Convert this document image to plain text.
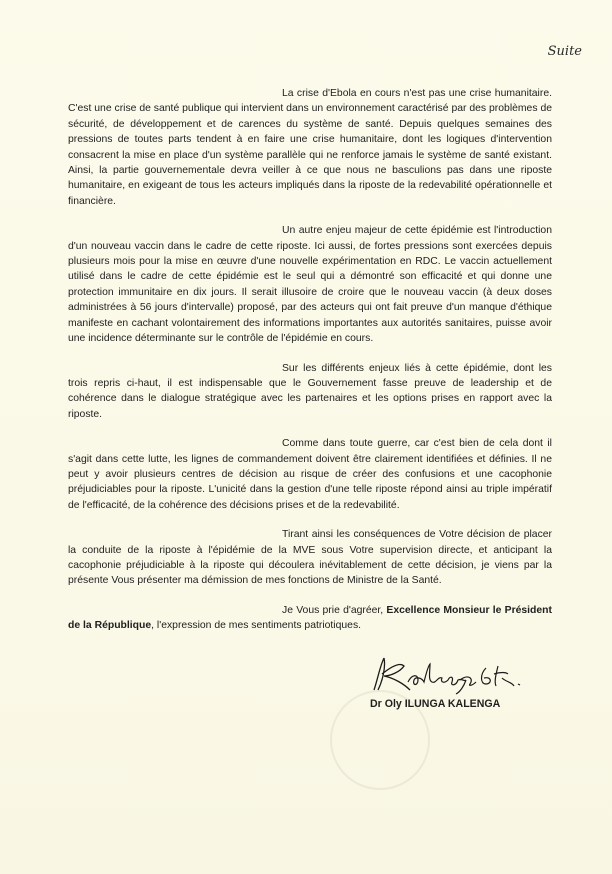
Suite

La crise d'Ebola en cours n'est pas une crise humanitaire. C'est une crise de santé publique qui intervient dans un environnement caractérisé par des problèmes de sécurité, de développement et de carences du système de santé. Depuis quelques semaines des pressions de toutes parts tendent à en faire une crise humanitaire, dont les logiques d'intervention consacrent la mise en place d'un système parallèle qui ne renforce jamais le système de santé existant. Ainsi, la partie gouvernementale devra veiller à ce que nous ne basculions pas dans une riposte humanitaire, en exigeant de tous les acteurs impliqués dans la riposte de la redevabilité opérationnelle et financière.

Un autre enjeu majeur de cette épidémie est l'introduction d'un nouveau vaccin dans le cadre de cette riposte. Ici aussi, de fortes pressions sont exercées depuis plusieurs mois pour la mise en œuvre d'une nouvelle expérimentation en RDC. Le vaccin actuellement utilisé dans le cadre de cette épidémie est le seul qui a démontré son efficacité et qui donne une protection immunitaire en dix jours. Il serait illusoire de croire que le nouveau vaccin (à deux doses administrées à 56 jours d'intervalle) proposé, par des acteurs qui ont fait preuve d'un manque d'éthique manifeste en cachant volontairement des informations importantes aux autorités sanitaires, puisse avoir une incidence déterminante sur le contrôle de l'épidémie en cours.

Sur les différents enjeux liés à cette épidémie, dont les trois repris ci-haut, il est indispensable que le Gouvernement fasse preuve de leadership et de cohérence dans le dialogue stratégique avec les partenaires et les options prises en rapport avec la riposte.

Comme dans toute guerre, car c'est bien de cela dont il s'agit dans cette lutte, les lignes de commandement doivent être clairement identifiées et définies. Il ne peut y avoir plusieurs centres de décision au risque de créer des confusions et une cacophonie préjudiciables pour la riposte. L'unicité dans la gestion d'une telle riposte répond ainsi au triple impératif de l'efficacité, de la cohérence des décisions prises et de la redevabilité.

Tirant ainsi les conséquences de Votre décision de placer la conduite de la riposte à l'épidémie de la MVE sous Votre supervision directe, et anticipant la cacophonie préjudiciable à la riposte qui découlera inévitablement de cette décision, je viens par la présente Vous présenter ma démission de mes fonctions de Ministre de la Santé.

Je Vous prie d'agréer, Excellence Monsieur le Président de la République, l'expression de mes sentiments patriotiques.

Dr Oly ILUNGA KALENGA
